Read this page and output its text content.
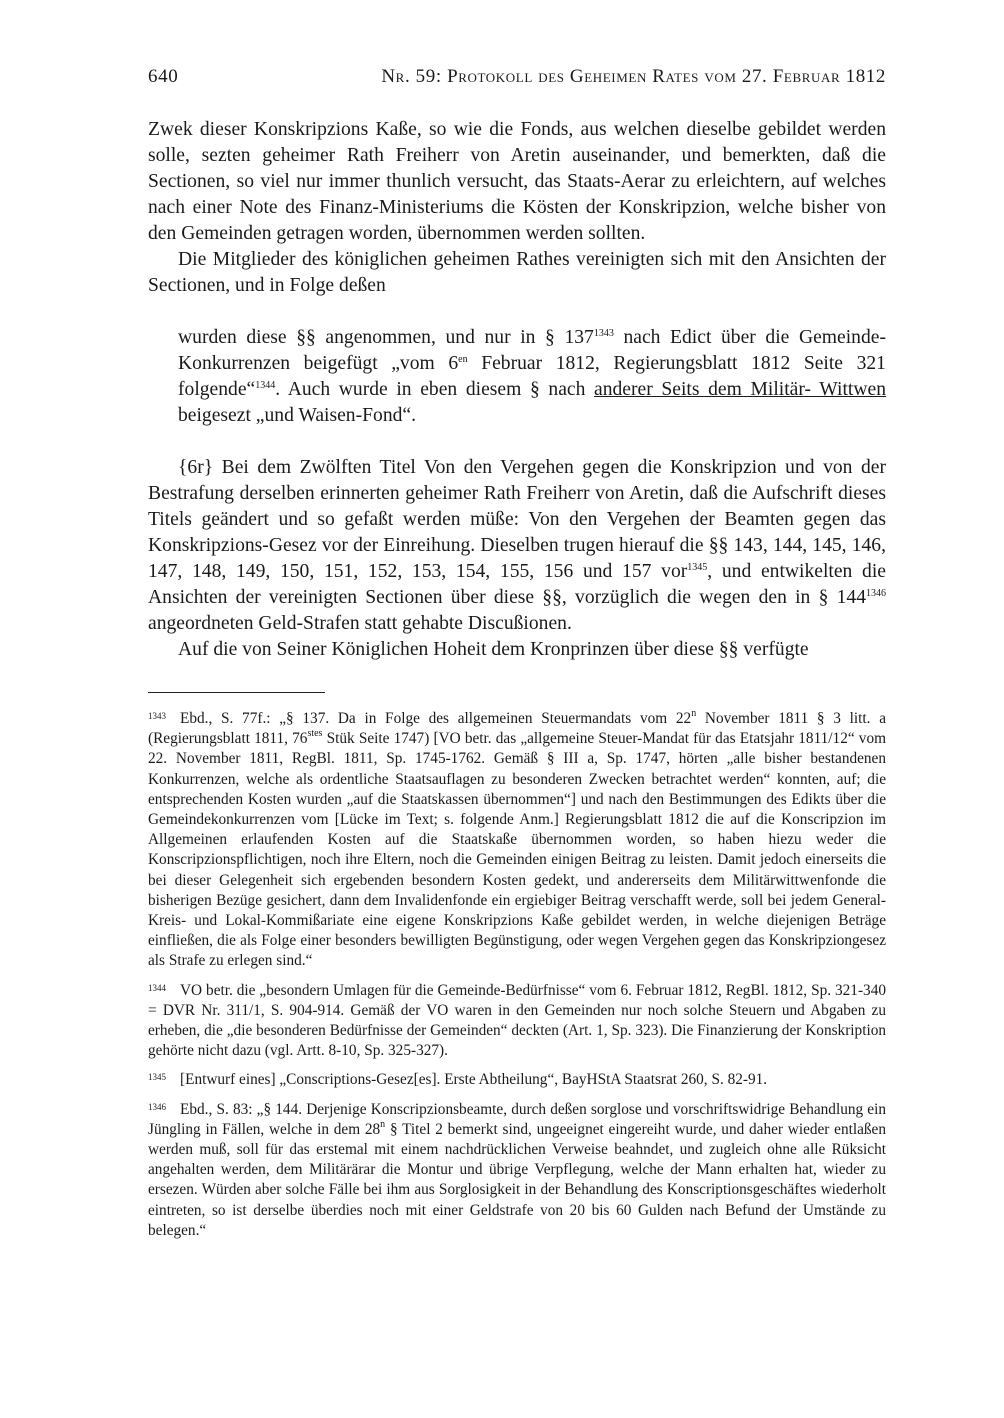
640	Nr. 59: Protokoll des Geheimen Rates vom 27. Februar 1812

Zwek dieser Konskripzions Kaße, so wie die Fonds, aus welchen dieselbe gebildet werden solle, sezten geheimer Rath Freiherr von Aretin auseinander, und bemerkten, daß die Sectionen, so viel nur immer thunlich versucht, das Staats-Aerar zu erleichtern, auf welches nach einer Note des Finanz-Ministeriums die Kösten der Konskripzion, welche bisher von den Gemeinden getragen worden, übernommen werden sollten.

Die Mitglieder des königlichen geheimen Rathes vereinigten sich mit den Ansichten der Sectionen, und in Folge deßen

wurden diese §§ angenommen, und nur in § $137^{1343}$ nach Edict über die Gemeinde-Konkurrenzen beigefügt „vom $6^{en}$ Februar 1812, Regierungsblatt 1812 Seite 321 folgende“$^{1344}$. Auch wurde in eben diesem § nach anderer Seits dem Militär- Wittwen beigesezt „und Waisen-Fond“.

{6r} Bei dem Zwölften Titel Von den Vergehen gegen die Konskripzion und von der Bestrafung derselben erinnerten geheimer Rath Freiherr von Aretin, daß die Aufschrift dieses Titels geändert und so gefaßt werden müße: Von den Vergehen der Beamten gegen das Konskripzions-Gesez vor der Einreihung. Dieselben trugen hierauf die §§ 143, 144, 145, 146, 147, 148, 149, 150, 151, 152, 153, 154, 155, 156 und 157 vor$^{1345}$, und entwikelten die Ansichten der vereinigten Sectionen über diese §§, vorzüglich die wegen den in § $144^{1346}$ angeordneten Geld-Strafen statt gehabte Discußionen.

Auf die von Seiner Königlichen Hoheit dem Kronprinzen über diese §§ verfügte

$^{1343}$ Ebd., S. 77f.: „§ 137. Da in Folge des allgemeinen Steuermandats vom 22$^n$ November 1811 § 3 litt. a (Regierungsblatt 1811, $76^{stes}$ Stük Seite 1747) [VO betr. das „allgemeine Steuer-Mandat für das Etatsjahr 1811/12“ vom 22. November 1811, RegBl. 1811, Sp. 1745-1762. Gemäß § III a, Sp. 1747, hörten „alle bisher bestandenen Konkurrenzen, welche als ordentliche Staatsauflagen zu besonderen Zwecken betrachtet werden“ konnten, auf; die entsprechenden Kosten wurden „auf die Staatskassen übernommen“] und nach den Bestimmungen des Edikts über die Gemeindekonkurrenzen vom [Lücke im Text; s. folgende Anm.] Regierungsblatt 1812 die auf die Konscripzion im Allgemeinen erlaufenden Kosten auf die Staatskaße übernommen worden, so haben hiezu weder die Konscripzionspflichtigen, noch ihre Eltern, noch die Gemeinden einigen Beitrag zu leisten. Damit jedoch einerseits die bei dieser Gelegenheit sich ergebenden besondern Kosten gedekt, und andererseits dem Militärwittwenfonde die bisherigen Bezüge gesichert, dann dem Invalidenfonde ein ergiebiger Beitrag verschafft werde, soll bei jedem General-Kreis- und Lokal-Kommißariate eine eigene Konskripzions Kaße gebildet werden, in welche diejenigen Beträge einfließen, die als Folge einer besonders bewilligten Begünstigung, oder wegen Vergehen gegen das Konskripziongesez als Strafe zu erlegen sind.“

$^{1344}$ VO betr. die „besondern Umlagen für die Gemeinde-Bedürfnisse“ vom 6. Februar 1812, RegBl. 1812, Sp. 321-340 = DVR Nr. 311/1, S. 904-914. Gemäß der VO waren in den Gemeinden nur noch solche Steuern und Abgaben zu erheben, die „die besonderen Bedürfnisse der Gemeinden“ deckten (Art. 1, Sp. 323). Die Finanzierung der Konskription gehörte nicht dazu (vgl. Artt. 8-10, Sp. 325-327).

$^{1345}$ [Entwurf eines] „Conscriptions-Gesez[es]. Erste Abtheilung“, BayHStA Staatsrat 260, S. 82-91.

$^{1346}$ Ebd., S. 83: „§ 144. Derjenige Konscripzionsbeamte, durch deßen sorglose und vorschriftswidrige Behandlung ein Jüngling in Fällen, welche in dem 28$^n$ § Titel 2 bemerkt sind, ungeeignet eingereiht wurde, und daher wieder entlaßen werden muß, soll für das erstemal mit einem nachdrücklichen Verweise beahndet, und zugleich ohne alle Rüksicht angehalten werden, dem Militärärar die Montur und übrige Verpflegung, welche der Mann erhalten hat, wieder zu ersezen. Würden aber solche Fälle bei ihm aus Sorglosigkeit in der Behandlung des Konscriptionsgeschäftes wiederholt eintreten, so ist derselbe überdies noch mit einer Geldstrafe von 20 bis 60 Gulden nach Befund der Umstände zu belegen.“
